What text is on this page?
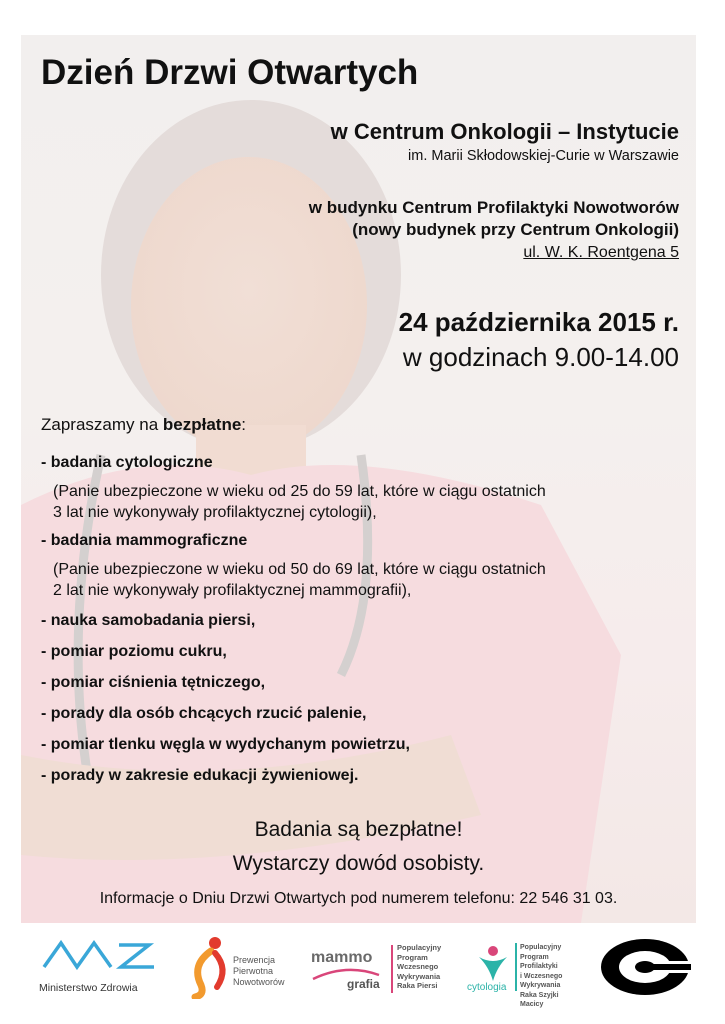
Dzień Drzwi Otwartych
w Centrum Onkologii – Instytucie
im. Marii Skłodowskiej-Curie w Warszawie
w budynku Centrum Profilaktyki Nowotworów
(nowy budynek przy Centrum Onkologii)
ul. W. K. Roentgena 5
24 października 2015 r.
w godzinach 9.00-14.00
Zapraszamy na bezpłatne:
- badania cytologiczne
(Panie ubezpieczone w wieku od 25 do 59 lat, które w ciągu ostatnich
3 lat nie wykonywały profilaktycznej cytologii),
- badania mammograficzne
(Panie ubezpieczone w wieku od 50 do 69 lat, które w ciągu ostatnich
2 lat nie wykonywały profilaktycznej mammografii),
- nauka samobadania piersi,
- pomiar poziomu cukru,
- pomiar ciśnienia tętniczego,
- porady dla osób chcących rzucić palenie,
- pomiar tlenku węgla w wydychanym powietrzu,
- porady w zakresie edukacji żywieniowej.
Badania są bezpłatne!
Wystarczy dowód osobisty.
Informacje o Dniu Drzwi Otwartych pod numerem telefonu: 22 546 31 03.
Ministerstwo Zdrowia
Prewencja
Pierwotna
Nowotworów
mammo
grafia
Populacyjny
Program
Wczesnego
Wykrywania
Raka Piersi	cytologia
Populacyjny
Program Profilaktyki
i Wczesnego
Wykrywania
Raka Szyjki Macicy
